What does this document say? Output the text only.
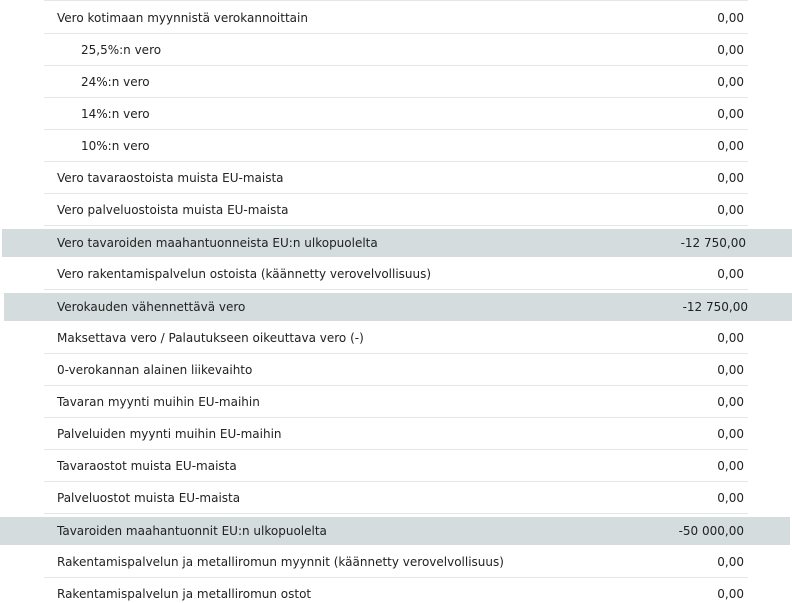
Vero kotimaan myynnistä verokannoittain	0,00
25,5%:n vero	0,00
24%:n vero	0,00
14%:n vero	0,00
10%:n vero	0,00
Vero tavaraostoista muista EU-maista	0,00
Vero palveluostoista muista EU-maista	0,00
Vero tavaroiden maahantuonneista EU:n ulkopuolelta	-12 750,00
Vero rakentamispalvelun ostoista (käännetty verovelvollisuus)	0,00
Verokauden vähennettävä vero	-12 750,00
Maksettava vero / Palautukseen oikeuttava vero (-)	0,00
0-verokannan alainen liikevaihto	0,00
Tavaran myynti muihin EU-maihin	0,00
Palveluiden myynti muihin EU-maihin	0,00
Tavaraostot muista EU-maista	0,00
Palveluostot muista EU-maista	0,00
Tavaroiden maahantuonnit EU:n ulkopuolelta	-50 000,00
Rakentamispalvelun ja metalliromun myynnit (käännetty verovelvollisuus)	0,00
Rakentamispalvelun ja metalliromun ostot	0,00
